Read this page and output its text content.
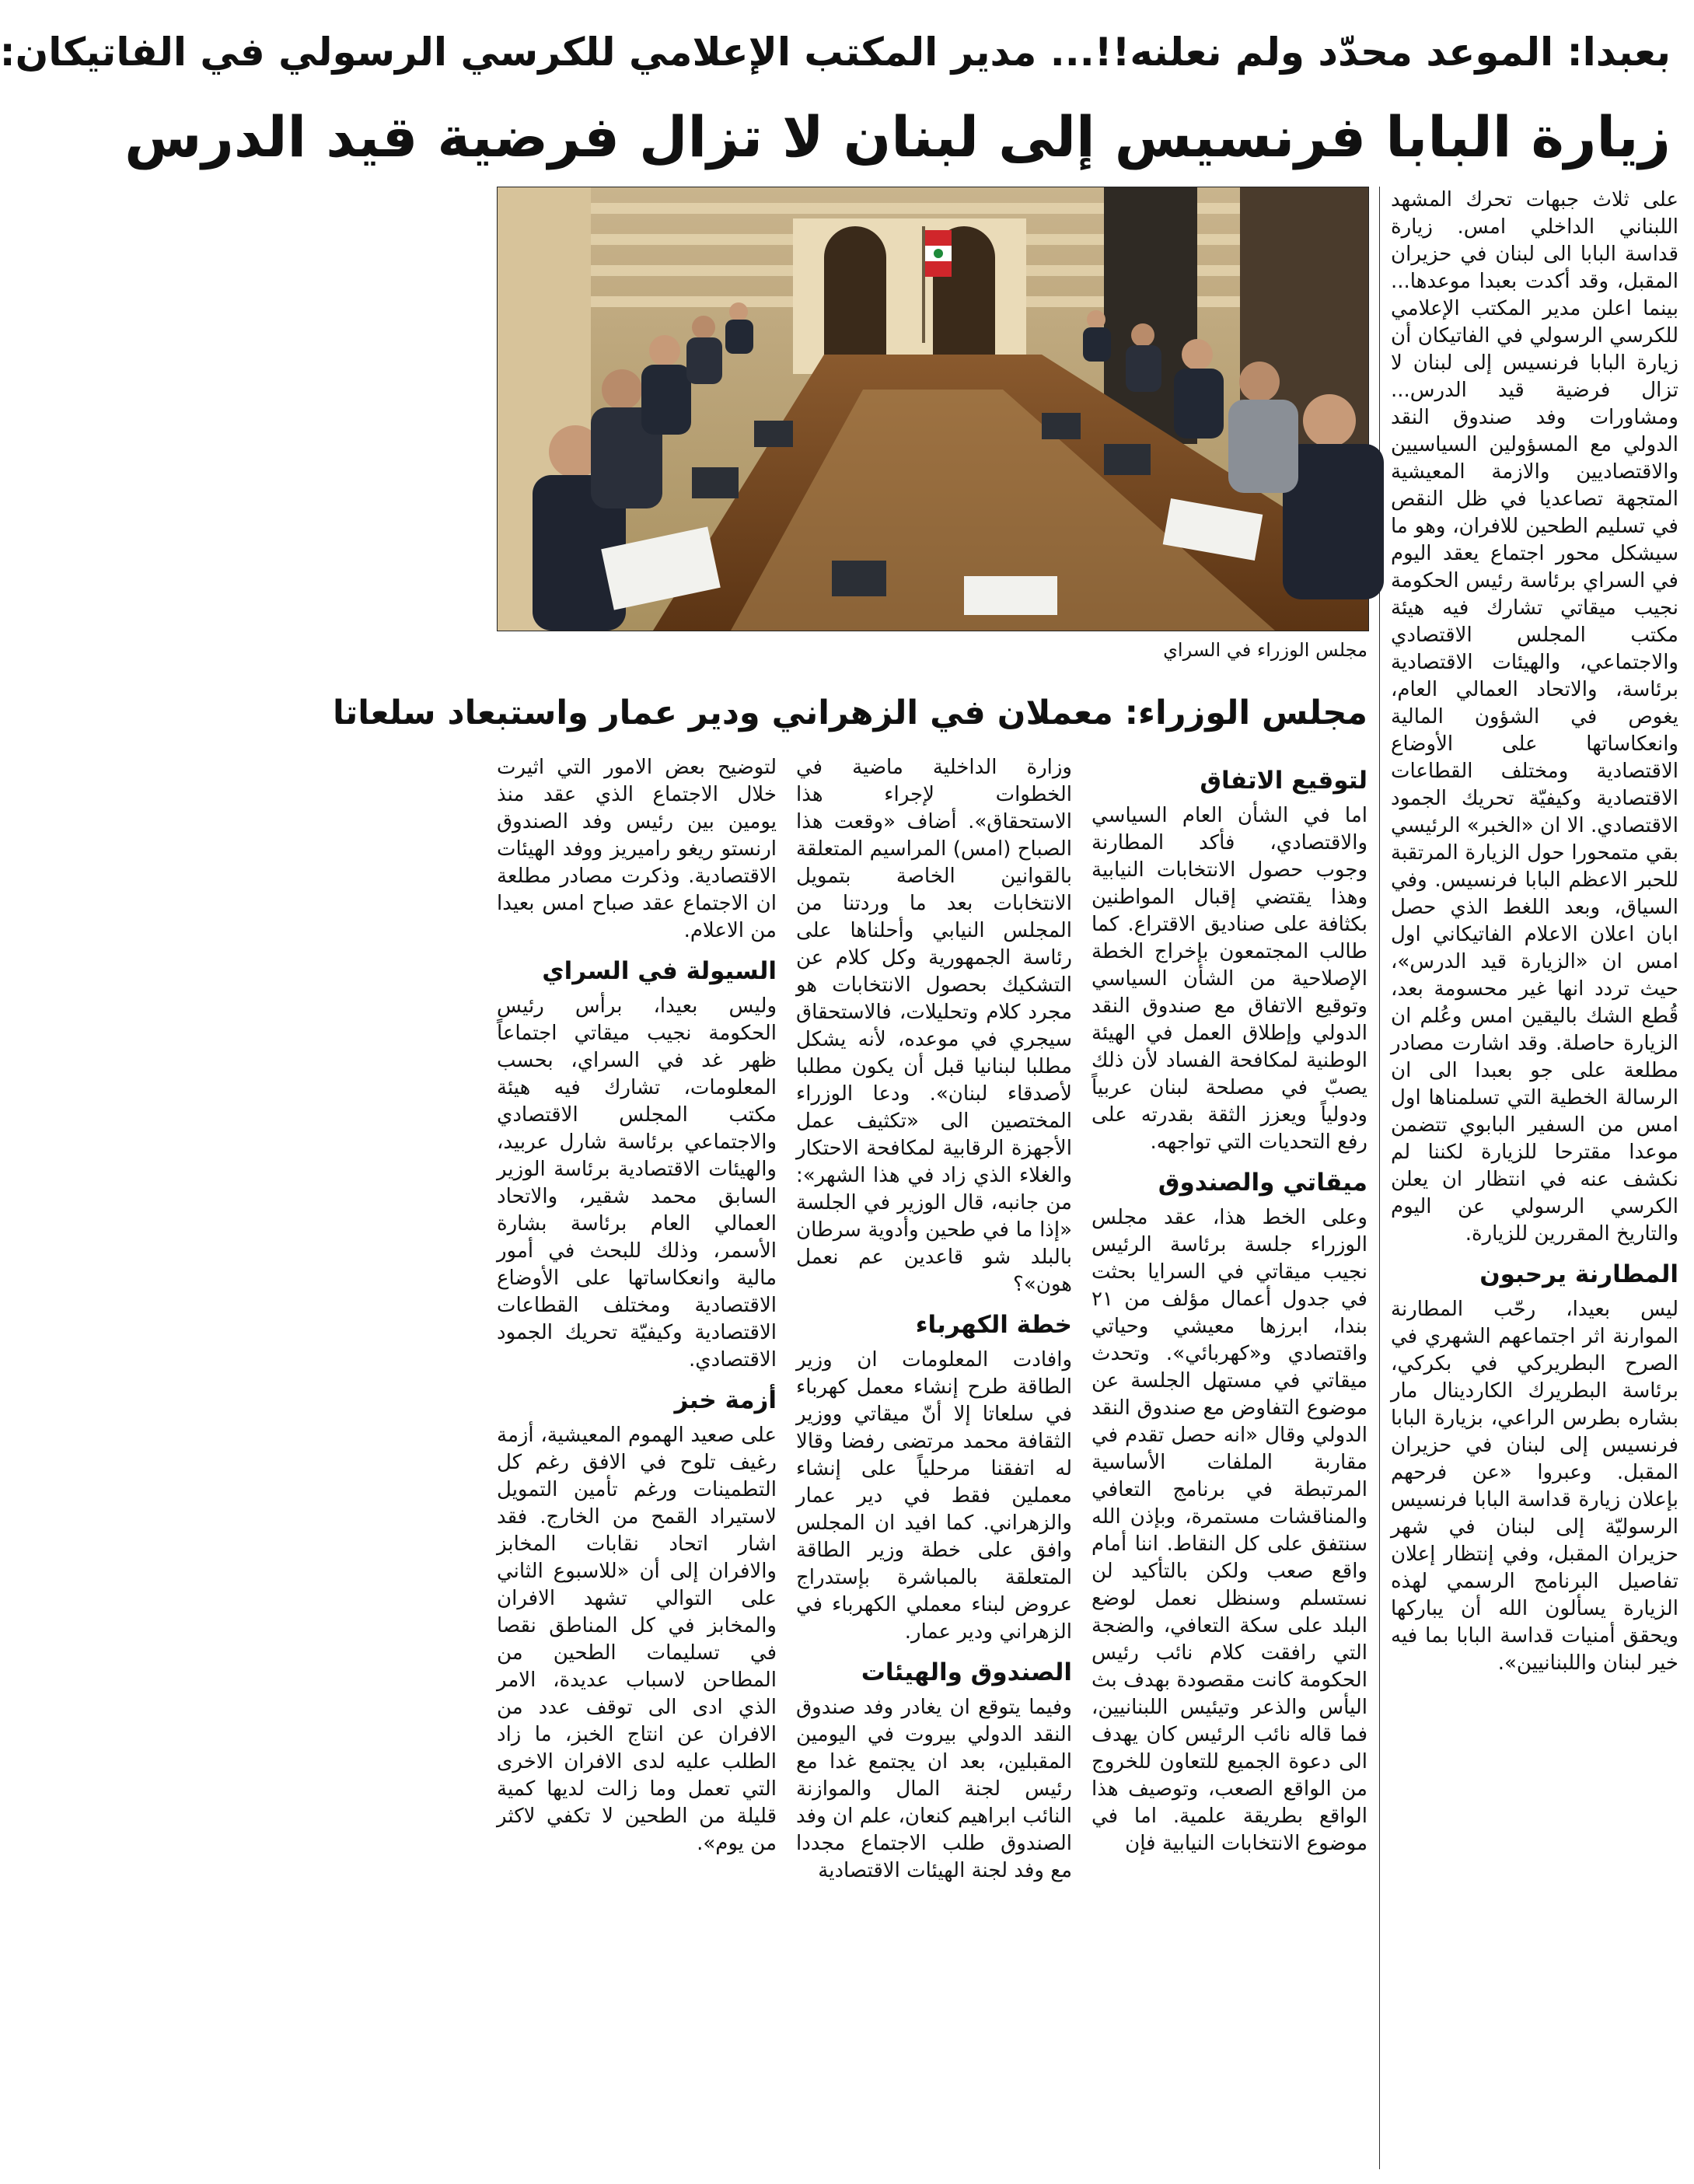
بعبدا: الموعد محدّد ولم نعلنه!!... مدير المكتب الإعلامي للكرسي الرسولي في الفاتيكان:
زيارة البابا فرنسيس إلى لبنان لا تزال فرضية قيد الدرس

على ثلاث جبهات تحرك المشهد اللبناني الداخلي امس. زيارة قداسة البابا الى لبنان في حزيران المقبل، وقد أكدت بعبدا موعدها... بينما اعلن مدير المكتب الإعلامي للكرسي الرسولي في الفاتيكان أن زيارة البابا فرنسيس إلى لبنان لا تزال فرضية قيد الدرس... ومشاورات وفد صندوق النقد الدولي مع المسؤولين السياسيين والاقتصاديين والازمة المعيشية المتجهة تصاعديا في ظل النقص في تسليم الطحين للافران، وهو ما سيشكل محور اجتماع يعقد اليوم في السراي برئاسة رئيس الحكومة نجيب ميقاتي تشارك فيه هيئة مكتب المجلس الاقتصادي والاجتماعي، والهيئات الاقتصادية برئاسة، والاتحاد العمالي العام، يغوص في الشؤون المالية وانعكاساتها على الأوضاع الاقتصادية ومختلف القطاعات الاقتصادية وكيفيّة تحريك الجمود الاقتصادي. الا ان «الخبر» الرئيسي بقي متمحورا حول الزيارة المرتقبة للحبر الاعظم البابا فرنسيس. وفي السياق، وبعد اللغط الذي حصل ابان اعلان الاعلام الفاتيكاني اول امس ان «الزيارة قيد الدرس»، حيث تردد انها غير محسومة بعد، قُطع الشك باليقين امس وعُلم ان الزيارة حاصلة. وقد اشارت مصادر مطلعة على جو بعبدا الى ان الرسالة الخطية التي تسلمناها اول امس من السفير البابوي تتضمن موعدا مقترحا للزيارة لكننا لم نكشف عنه في انتظار ان يعلن الكرسي الرسولي عن اليوم والتاريخ المقررين للزيارة.

المطارنة يرحبون

ليس بعيدا، رحّب المطارنة الموارنة اثر اجتماعهم الشهري في الصرح البطريركي في بكركي، برئاسة البطريرك الكاردينال مار بشاره بطرس الراعي، بزيارة البابا فرنسيس إلى لبنان في حزيران المقبل. وعبروا «عن فرحهم بإعلان زيارة قداسة البابا فرنسيس الرسوليّة إلى لبنان في شهر حزيران المقبل، وفي إنتظار إعلان تفاصيل البرنامج الرسمي لهذه الزيارة يسألون الله أن يباركها ويحقق أمنيات قداسة البابا بما فيه خير لبنان واللبنانيين».

مجلس الوزراء في السراي
مجلس الوزراء: معملان في الزهراني ودير عمار واستبعاد سلعاتا
لتوقيع الاتفاق

اما في الشأن العام السياسي والاقتصادي، فأكد المطارنة وجوب حصول الانتخابات النيابية وهذا يقتضي إقبال المواطنين بكثافة على صناديق الاقتراع. كما طالب المجتمعون بإخراج الخطة الإصلاحية من الشأن السياسي وتوقيع الاتفاق مع صندوق النقد الدولي وإطلاق العمل في الهيئة الوطنية لمكافحة الفساد لأن ذلك يصبّ في مصلحة لبنان عربياً ودولياً ويعزز الثقة بقدرته على رفع التحديات التي تواجهه.

ميقاتي والصندوق

وعلى الخط هذا، عقد مجلس الوزراء جلسة برئاسة الرئيس نجيب ميقاتي في السرايا بحثت في جدول أعمال مؤلف من ٢١ بندا، ابرزها معيشي وحياتي واقتصادي و«كهربائي». وتحدث ميقاتي في مستهل الجلسة عن موضوع التفاوض مع صندوق النقد الدولي وقال «انه حصل تقدم في مقاربة الملفات الأساسية المرتبطة في برنامج التعافي والمناقشات مستمرة، وبإذن الله سنتفق على كل النقاط. اننا أمام واقع صعب ولكن بالتأكيد لن نستسلم وسنظل نعمل لوضع البلد على سكة التعافي، والضجة التي رافقت كلام نائب رئيس الحكومة كانت مقصودة بهدف بث اليأس والذعر وتيئيس اللبنانيين، فما قاله نائب الرئيس كان يهدف الى دعوة الجميع للتعاون للخروج من الواقع الصعب، وتوصيف هذا الواقع بطريقة علمية. اما في موضوع الانتخابات النيابية فإن

وزارة الداخلية ماضية في الخطوات لإجراء هذا الاستحقاق». أضاف «وقعت هذا الصباح (امس) المراسيم المتعلقة بالقوانين الخاصة بتمويل الانتخابات بعد ما وردتنا من المجلس النيابي وأحلناها على رئاسة الجمهورية وكل كلام عن التشكيك بحصول الانتخابات هو مجرد كلام وتحليلات، فالاستحقاق سيجري في موعده، لأنه يشكل مطلبا لبنانيا قبل أن يكون مطلبا لأصدقاء لبنان». ودعا الوزراء المختصين الى «تكثيف عمل الأجهزة الرقابية لمكافحة الاحتكار والغلاء الذي زاد في هذا الشهر»: من جانبه، قال الوزير في الجلسة «إذا ما في طحين وأدوية سرطان بالبلد شو قاعدين عم نعمل هون»؟

خطة الكهرباء

وافادت المعلومات ان وزير الطاقة طرح إنشاء معمل كهرباء في سلعاتا إلا أنّ ميقاتي ووزير الثقافة محمد مرتضى رفضا وقالا له اتفقنا مرحلياً على إنشاء معملين فقط في دير عمار والزهراني. كما افيد ان المجلس وافق على خطة وزير الطاقة المتعلقة بالمباشرة بإستدراج عروض لبناء معملي الكهرباء في الزهراني ودير عمار.

الصندوق والهيئات

وفيما يتوقع ان يغادر وفد صندوق النقد الدولي بيروت في اليومين المقبلين، بعد ان يجتمع غدا مع رئيس لجنة المال والموازنة النائب ابراهيم كنعان، علم ان وفد الصندوق طلب الاجتماع مجددا مع وفد لجنة الهيئات الاقتصادية

لتوضيح بعض الامور التي اثيرت خلال الاجتماع الذي عقد منذ يومين بين رئيس وفد الصندوق ارنستو ريغو راميريز ووفد الهيئات الاقتصادية. وذكرت مصادر مطلعة ان الاجتماع عقد صباح امس بعيدا من الاعلام.

السيولة في السراي

وليس بعيدا، برأس رئيس الحكومة نجيب ميقاتي اجتماعاً ظهر غد في السراي، بحسب المعلومات، تشارك فيه هيئة مكتب المجلس الاقتصادي والاجتماعي برئاسة شارل عربيد، والهيئات الاقتصادية برئاسة الوزير السابق محمد شقير، والاتحاد العمالي العام برئاسة بشارة الأسمر، وذلك للبحث في أمور مالية وانعكاساتها على الأوضاع الاقتصادية ومختلف القطاعات الاقتصادية وكيفيّة تحريك الجمود الاقتصادي.

أزمة خبز

على صعيد الهموم المعيشية، أزمة رغيف تلوح في الافق رغم كل التطمينات ورغم تأمين التمويل لاستيراد القمح من الخارج. فقد اشار اتحاد نقابات المخابز والافران إلى أن «للاسبوع الثاني على التوالي تشهد الافران والمخابز في كل المناطق نقصا في تسليمات الطحين من المطاحن لاسباب عديدة، الامر الذي ادى الى توقف عدد من الافران عن انتاج الخبز، ما زاد الطلب عليه لدى الافران الاخرى التي تعمل وما زالت لديها كمية قليلة من الطحين لا تكفي لاكثر من يوم».
